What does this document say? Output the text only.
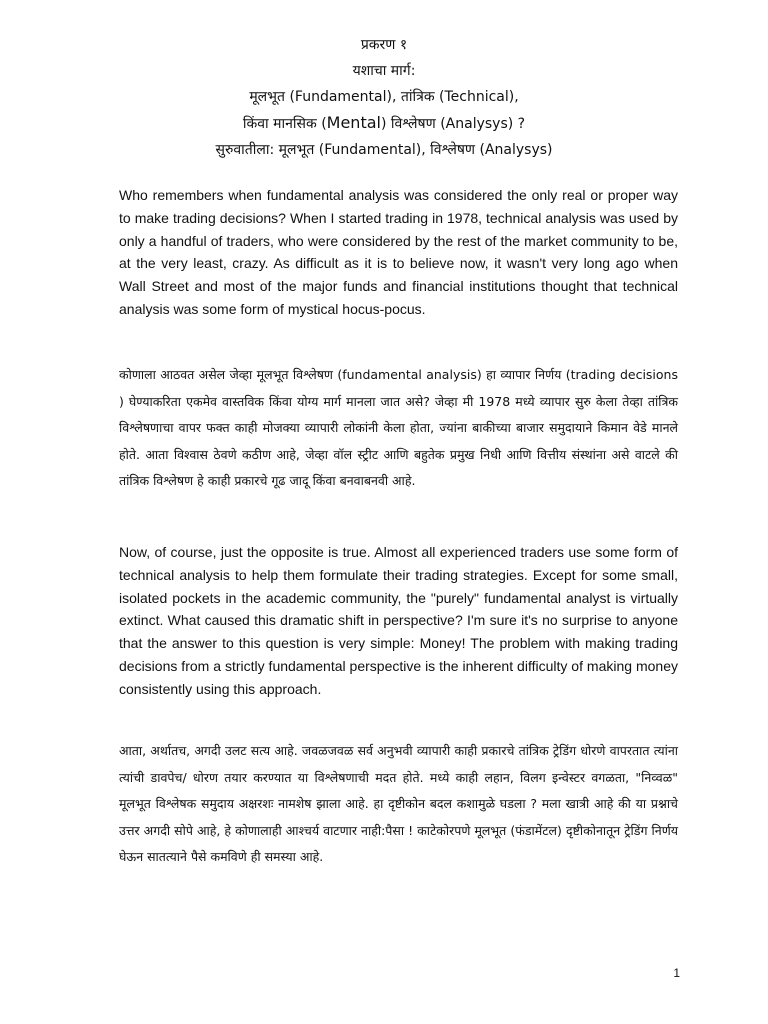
प्रकरण १
यशाचा मार्ग:
मूलभूत (Fundamental), तांत्रिक (Technical),
किंवा मानसिक (Mental) विश्लेषण (Analysys) ?
सुरुवातीला: मूलभूत (Fundamental), विश्लेषण (Analysys)

Who remembers when fundamental analysis was considered the only real or proper way to make trading decisions? When I started trading in 1978, technical analysis was used by only a handful of traders, who were considered by the rest of the market community to be, at the very least, crazy. As difficult as it is to believe now, it wasn't very long ago when Wall Street and most of the major funds and financial institutions thought that technical analysis was some form of mystical hocus-pocus.

कोणाला आठवत असेल जेव्हा मूलभूत विश्लेषण (fundamental analysis) हा व्यापार निर्णय (trading decisions ) घेण्याकरिता एकमेव वास्तविक किंवा योग्य मार्ग मानला जात असे? जेव्हा मी 1978 मध्ये व्यापार सुरु केला तेव्हा तांत्रिक विश्लेषणाचा वापर फक्त काही मोजक्या व्यापारी लोकांनी केला होता, ज्यांना बाकीच्या बाजार समुदायाने किमान वेडे मानले होते. आता विश्वास ठेवणे कठीण आहे, जेव्हा वॉल स्ट्रीट आणि बहुतेक प्रमुख निधी आणि वित्तीय संस्थांना असे वाटले की तांत्रिक विश्लेषण हे काही प्रकारचे गूढ जादू किंवा बनवाबनवी आहे.

Now, of course, just the opposite is true. Almost all experienced traders use some form of technical analysis to help them formulate their trading strategies. Except for some small, isolated pockets in the academic community, the "purely" fundamental analyst is virtually extinct. What caused this dramatic shift in perspective? I'm sure it's no surprise to anyone that the answer to this question is very simple: Money! The problem with making trading decisions from a strictly fundamental perspective is the inherent difficulty of making money consistently using this approach.

आता, अर्थातच, अगदी उलट सत्य आहे. जवळजवळ सर्व अनुभवी व्यापारी काही प्रकारचे तांत्रिक ट्रेडिंग धोरणे वापरतात त्यांना त्यांची डावपेच/ धोरण तयार करण्यात या विश्लेषणाची मदत होते. मध्ये काही लहान, विलग इन्वेस्टर वगळता, "निव्वळ" मूलभूत विश्लेषक समुदाय अक्षरशः नामशेष झाला आहे. हा दृष्टीकोन बदल कशामुळे घडला ? मला खात्री आहे की या प्रश्नाचे उत्तर अगदी सोपे आहे, हे कोणालाही आश्चर्य वाटणार नाही:पैसा ! काटेकोरपणे मूलभूत (फंडामेंटल) दृष्टीकोनातून ट्रेडिंग निर्णय घेऊन सातत्याने पैसे कमविणे ही समस्या आहे.

1
